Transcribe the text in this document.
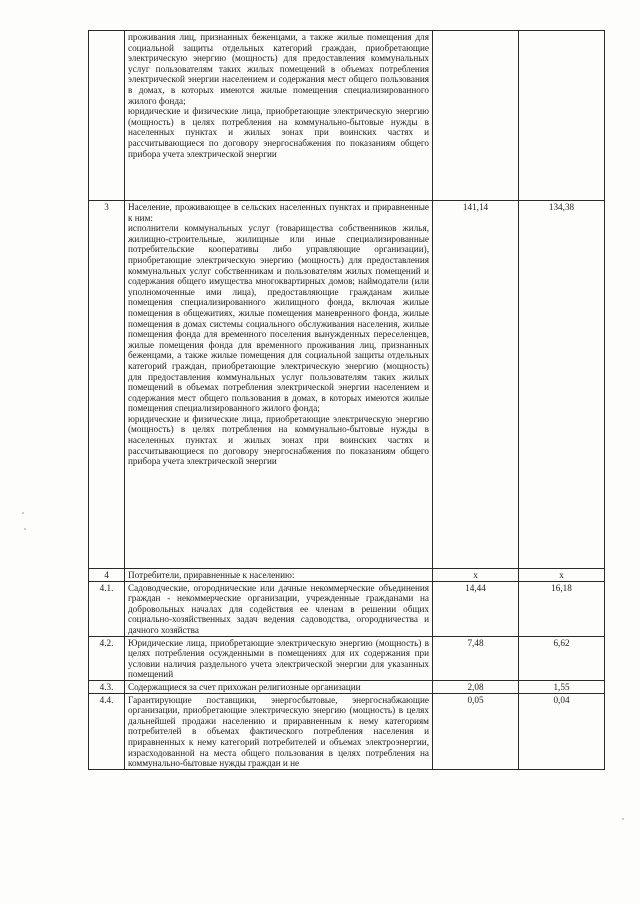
	проживания лиц, признанных беженцами, а также жилые помещения для социальной защиты отдельных категорий граждан, приобретающие электрическую энергию (мощность) для предоставления коммунальных услуг пользователям таких жилых помещений в объемах потребления электрической энергии населением и содержания мест общего пользования в домах, в которых имеются жилые помещения специализированного жилого фонда;
юридические и физические лица, приобретающие электрическую энергию (мощность) в целях потребления на коммунально-бытовые нужды в населенных пунктах и жилых зонах при воинских частях и рассчитывающиеся по договору энергоснабжения по показаниям общего прибора учета электрической энергии		

3	Население, проживающее в сельских населенных пунктах и приравненные к ним:
исполнители коммунальных услуг (товарищества собственников жилья, жилищно-строительные, жилищные или иные специализированные потребительские кооперативы либо управляющие организации), приобретающие электрическую энергию (мощность) для предоставления коммунальных услуг собственникам и пользователям жилых помещений и содержания общего имущества многоквартирных домов; наймодатели (или уполномоченные ими лица), предоставляющие гражданам жилые помещения специализированного жилищного фонда, включая жилые помещения в общежитиях, жилые помещения маневренного фонда, жилые помещения в домах системы социального обслуживания населения, жилые помещения фонда для временного поселения вынужденных переселенцев, жилые помещения фонда для временного проживания лиц, признанных беженцами, а также жилые помещения для социальной защиты отдельных категорий граждан, приобретающие электрическую энергию (мощность) для предоставления коммунальных услуг пользователям таких жилых помещений в объемах потребления электрической энергии населением и содержания мест общего пользования в домах, в которых имеются жилые помещения специализированного жилого фонда;
юридические и физические лица, приобретающие электрическую энергию (мощность) в целях потребления на коммунально-бытовые нужды в населенных пунктах и жилых зонах при воинских частях и рассчитывающиеся по договору энергоснабжения по показаниям общего прибора учета электрической энергии	141,14	134,38
4	Потребители, приравненные к населению:	х	х
4.1.	Садоводческие, огороднические или дачные некоммерческие объединения граждан - некоммерческие организации, учрежденные гражданами на добровольных началах для содействия ее членам в решении общих социально-хозяйственных задач ведения садоводства, огородничества и дачного хозяйства	14,44	16,18
4.2.	Юридические лица, приобретающие электрическую энергию (мощность) в целях потребления осужденными в помещениях для их содержания при условии наличия раздельного учета электрической энергии для указанных помещений	7,48	6,62
4.3.	Содержащиеся за счет прихожан религиозные организации	2,08	1,55
4.4.	Гарантирующие поставщики, энергосбытовые, энергоснабжающие организации, приобретающие электрическую энергию (мощность) в целях дальнейшей продажи населению и приравненным к нему категориям потребителей в объемах фактического потребления населения и приравненных к нему категорий потребителей и объемах электроэнергии, израсходованной на места общего пользования в целях потребления на коммунально-бытовые нужды граждан и не	0,05	0,04
